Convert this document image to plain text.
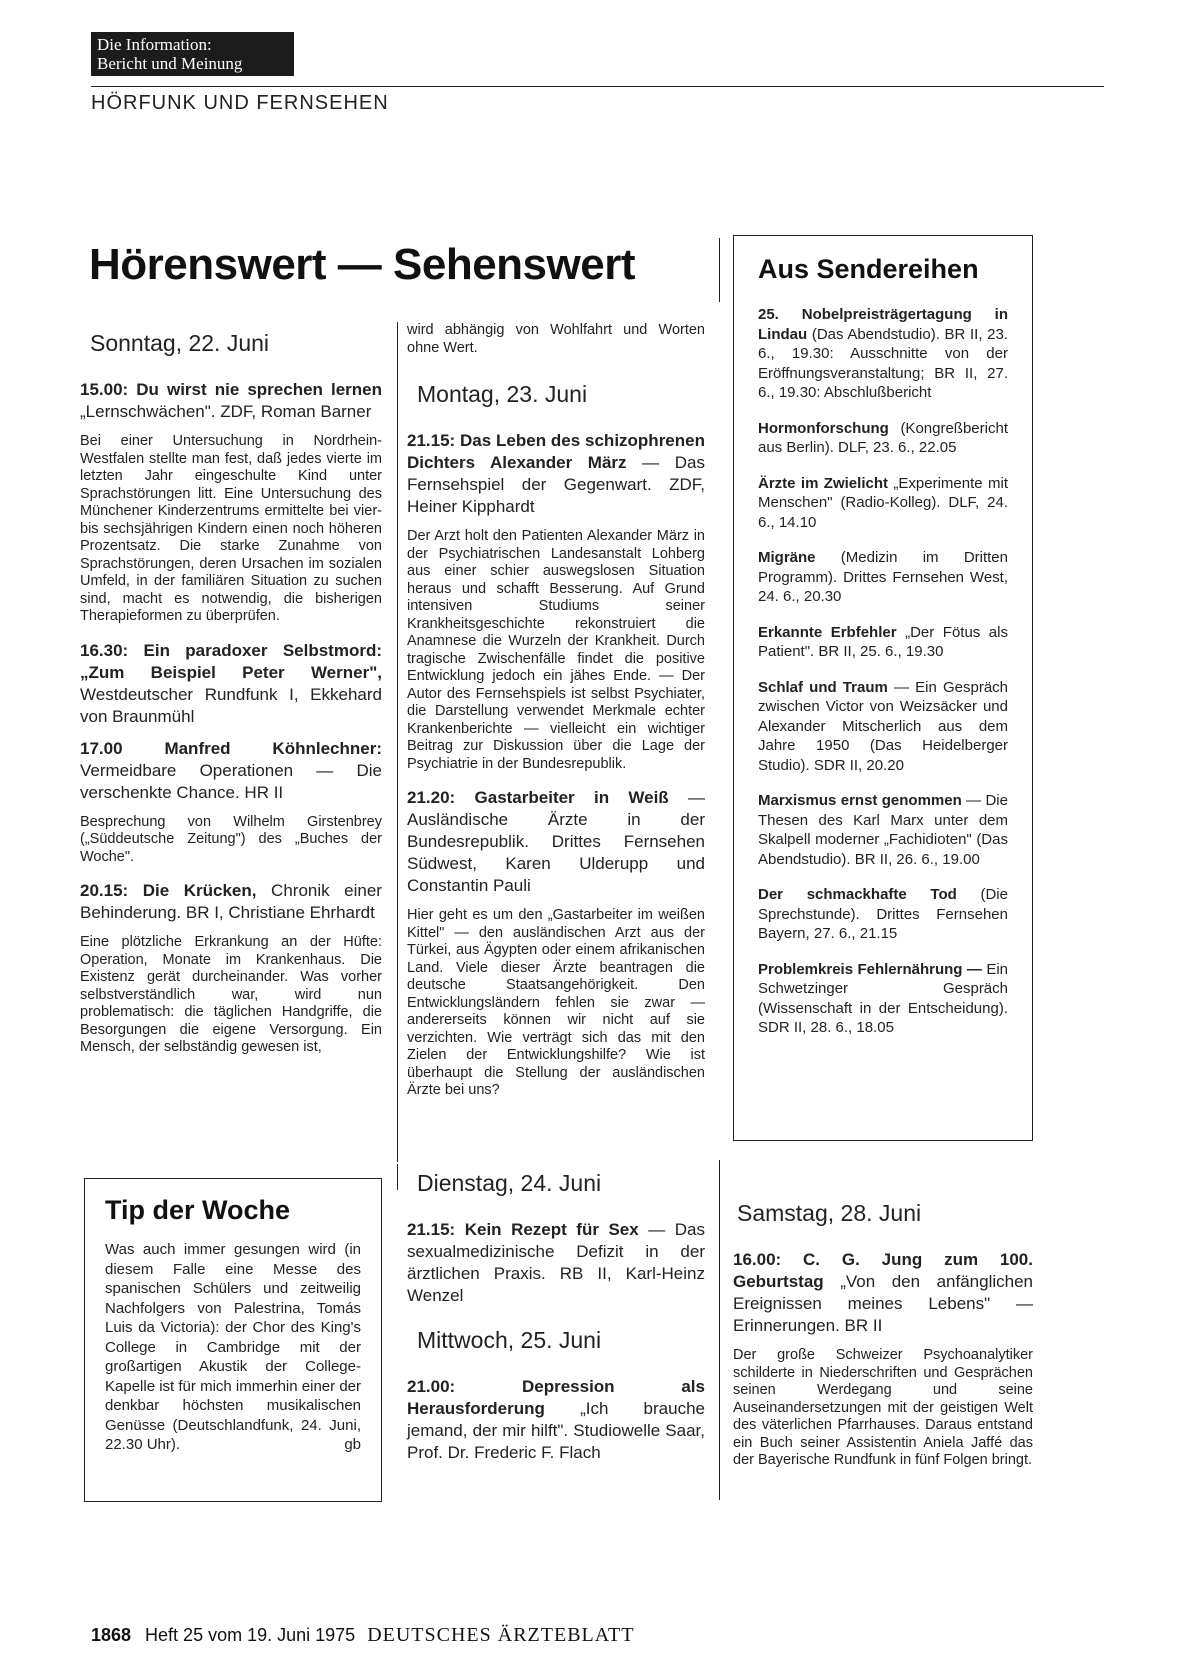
Die Information:
Bericht und Meinung
HÖRFUNK UND FERNSEHEN
Hörenswert — Sehenswert
Sonntag, 22. Juni
15.00: Du wirst nie sprechen lernen „Lernschwächen". ZDF, Roman Barner
Bei einer Untersuchung in Nordrhein-Westfalen stellte man fest, daß jedes vierte im letzten Jahr eingeschulte Kind unter Sprachstörungen litt. Eine Untersuchung des Münchener Kinderzentrums ermittelte bei vier- bis sechsjährigen Kindern einen noch höheren Prozentsatz. Die starke Zunahme von Sprachstörungen, deren Ursachen im sozialen Umfeld, in der familiären Situation zu suchen sind, macht es notwendig, die bisherigen Therapieformen zu überprüfen.
16.30: Ein paradoxer Selbstmord: „Zum Beispiel Peter Werner", Westdeutscher Rundfunk I, Ekkehard von Braunmühl
17.00 Manfred Köhnlechner: Vermeidbare Operationen — Die verschenkte Chance. HR II
Besprechung von Wilhelm Girstenbrey („Süddeutsche Zeitung") des „Buches der Woche".
20.15: Die Krücken, Chronik einer Behinderung. BR I, Christiane Ehrhardt
Eine plötzliche Erkrankung an der Hüfte: Operation, Monate im Krankenhaus. Die Existenz gerät durcheinander. Was vorher selbstverständlich war, wird nun problematisch: die täglichen Handgriffe, die Besorgungen die eigene Versorgung. Ein Mensch, der selbständig gewesen ist,
Tip der Woche
Was auch immer gesungen wird (in diesem Falle eine Messe des spanischen Schülers und zeitweilig Nachfolgers von Palestrina, Tomás Luis da Victoria): der Chor des King's College in Cambridge mit der großartigen Akustik der College-Kapelle ist für mich immerhin einer der denkbar höchsten musikalischen Genüsse (Deutschlandfunk, 24. Juni, 22.30 Uhr).	gb
wird abhängig von Wohlfahrt und Worten ohne Wert.
Montag, 23. Juni
21.15: Das Leben des schizophrenen Dichters Alexander März — Das Fernsehspiel der Gegenwart. ZDF, Heiner Kipphardt
Der Arzt holt den Patienten Alexander März in der Psychiatrischen Landesanstalt Lohberg aus einer schier auswegslosen Situation heraus und schafft Besserung. Auf Grund intensiven Studiums seiner Krankheitsgeschichte rekonstruiert die Anamnese die Wurzeln der Krankheit. Durch tragische Zwischenfälle findet die positive Entwicklung jedoch ein jähes Ende. — Der Autor des Fernsehspiels ist selbst Psychiater, die Darstellung verwendet Merkmale echter Krankenberichte — vielleicht ein wichtiger Beitrag zur Diskussion über die Lage der Psychiatrie in der Bundesrepublik.
21.20: Gastarbeiter in Weiß — Ausländische Ärzte in der Bundesrepublik. Drittes Fernsehen Südwest, Karen Ulderupp und Constantin Pauli
Hier geht es um den „Gastarbeiter im weißen Kittel" — den ausländischen Arzt aus der Türkei, aus Ägypten oder einem afrikanischen Land. Viele dieser Ärzte beantragen die deutsche Staatsangehörigkeit. Den Entwicklungsländern fehlen sie zwar — andererseits können wir nicht auf sie verzichten. Wie verträgt sich das mit den Zielen der Entwicklungshilfe? Wie ist überhaupt die Stellung der ausländischen Ärzte bei uns?
Dienstag, 24. Juni
21.15: Kein Rezept für Sex — Das sexualmedizinische Defizit in der ärztlichen Praxis. RB II, Karl-Heinz Wenzel
Mittwoch, 25. Juni
21.00:	Depression als Herausforderung „Ich brauche jemand, der mir hilft". Studiowelle Saar, Prof. Dr. Frederic F. Flach
Aus Sendereihen
25. Nobelpreisträgertagung in Lindau (Das Abendstudio). BR II, 23. 6., 19.30: Ausschnitte von der Eröffnungsveranstaltung; BR II, 27. 6., 19.30: Abschlußbericht
Hormonforschung (Kongreßbericht aus Berlin). DLF, 23. 6., 22.05
Ärzte im Zwielicht „Experimente mit Menschen" (Radio-Kolleg). DLF, 24. 6., 14.10
Migräne (Medizin im Dritten Programm). Drittes Fernsehen West, 24. 6., 20.30
Erkannte Erbfehler „Der Fötus als Patient". BR II, 25. 6., 19.30
Schlaf und Traum — Ein Gespräch zwischen Victor von Weizsäcker und Alexander Mitscherlich aus dem Jahre 1950 (Das Heidelberger Studio). SDR II, 20.20
Marxismus ernst genommen — Die Thesen des Karl Marx unter dem Skalpell moderner „Fachidioten" (Das Abendstudio). BR II, 26. 6., 19.00
Der schmackhafte Tod (Die Sprechstunde). Drittes Fernsehen Bayern, 27. 6., 21.15
Problemkreis Fehlernährung — Ein Schwetzinger Gespräch (Wissenschaft in der Entscheidung). SDR II, 28. 6., 18.05
Samstag, 28. Juni
16.00: C. G. Jung zum 100. Geburtstag „Von den anfänglichen Ereignissen meines Lebens" — Erinnerungen. BR II
Der große Schweizer Psychoanalytiker schilderte in Niederschriften und Gesprächen seinen Werdegang und seine Auseinandersetzungen mit der geistigen Welt des väterlichen Pfarrhauses. Daraus entstand ein Buch seiner Assistentin Aniela Jaffé das der Bayerische Rundfunk in fünf Folgen bringt.
1868 Heft 25 vom 19. Juni 1975 DEUTSCHES ÄRZTEBLATT
